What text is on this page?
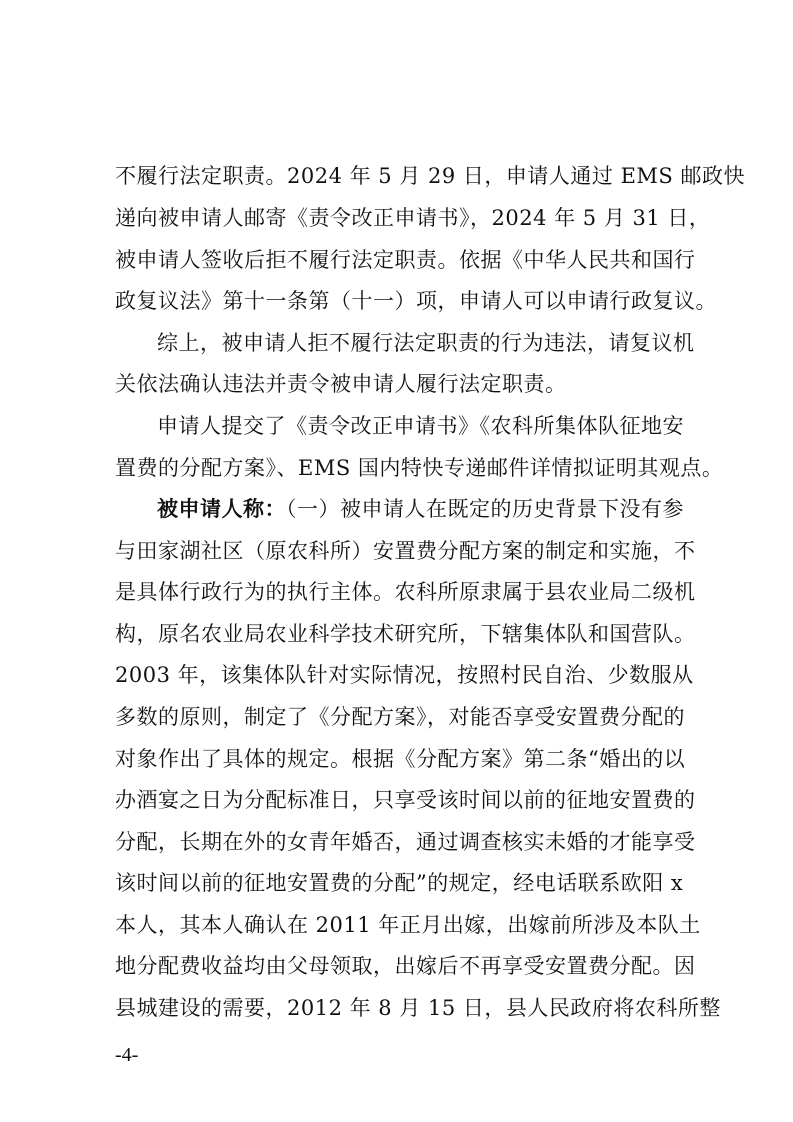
不履行法定职责。2024 年 5 月 29 日，申请人通过 EMS 邮政快
递向被申请人邮寄《责令改正申请书》，2024 年 5 月 31 日，
被申请人签收后拒不履行法定职责。依据《中华人民共和国行
政复议法》第十一条第（十一）项，申请人可以申请行政复议。
综上，被申请人拒不履行法定职责的行为违法，请复议机
关依法确认违法并责令被申请人履行法定职责。
申请人提交了《责令改正申请书》《农科所集体队征地安
置费的分配方案》、EMS 国内特快专递邮件详情拟证明其观点。
被申请人称：（一）被申请人在既定的历史背景下没有参
与田家湖社区（原农科所）安置费分配方案的制定和实施，不
是具体行政行为的执行主体。农科所原隶属于县农业局二级机
构，原名农业局农业科学技术研究所，下辖集体队和国营队。
2003 年，该集体队针对实际情况，按照村民自治、少数服从
多数的原则，制定了《分配方案》，对能否享受安置费分配的
对象作出了具体的规定。根据《分配方案》第二条“婚出的以
办酒宴之日为分配标准日，只享受该时间以前的征地安置费的
分配，长期在外的女青年婚否，通过调查核实未婚的才能享受
该时间以前的征地安置费的分配”的规定，经电话联系欧阳 x
本人，其本人确认在 2011 年正月出嫁，出嫁前所涉及本队土
地分配费收益均由父母领取，出嫁后不再享受安置费分配。因
县城建设的需要，2012 年 8 月 15 日，县人民政府将农科所整
-4-
